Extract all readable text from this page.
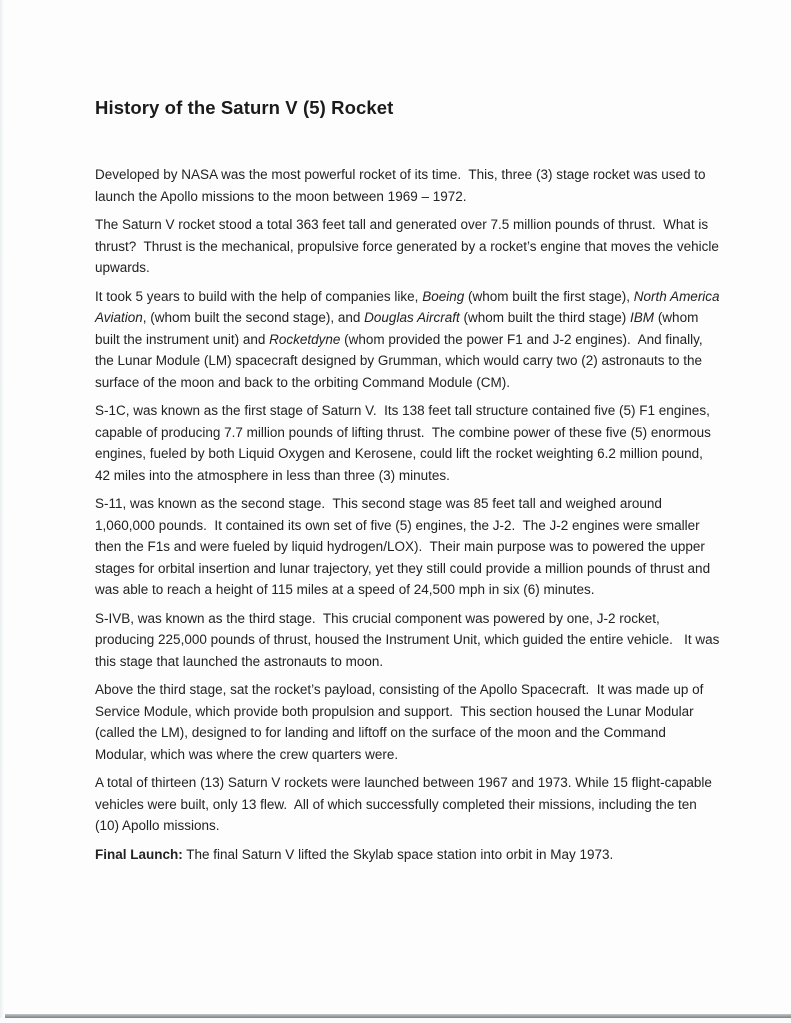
History of the Saturn V (5) Rocket

Developed by NASA was the most powerful rocket of its time.  This, three (3) stage rocket was used to launch the Apollo missions to the moon between 1969 – 1972.

The Saturn V rocket stood a total 363 feet tall and generated over 7.5 million pounds of thrust.  What is thrust?  Thrust is the mechanical, propulsive force generated by a rocket’s engine that moves the vehicle upwards.

It took 5 years to build with the help of companies like, Boeing (whom built the first stage), North America Aviation, (whom built the second stage), and Douglas Aircraft (whom built the third stage) IBM (whom built the instrument unit) and Rocketdyne (whom provided the power F1 and J-2 engines).  And finally, the Lunar Module (LM) spacecraft designed by Grumman, which would carry two (2) astronauts to the surface of the moon and back to the orbiting Command Module (CM).

S-1C, was known as the first stage of Saturn V.  Its 138 feet tall structure contained five (5) F1 engines, capable of producing 7.7 million pounds of lifting thrust.  The combine power of these five (5) enormous engines, fueled by both Liquid Oxygen and Kerosene, could lift the rocket weighting 6.2 million pound, 42 miles into the atmosphere in less than three (3) minutes.

S-11, was known as the second stage.  This second stage was 85 feet tall and weighed around 1,060,000 pounds.  It contained its own set of five (5) engines, the J-2.  The J-2 engines were smaller then the F1s and were fueled by liquid hydrogen/LOX).  Their main purpose was to powered the upper stages for orbital insertion and lunar trajectory, yet they still could provide a million pounds of thrust and was able to reach a height of 115 miles at a speed of 24,500 mph in six (6) minutes.

S-IVB, was known as the third stage.  This crucial component was powered by one, J-2 rocket, producing 225,000 pounds of thrust, housed the Instrument Unit, which guided the entire vehicle.   It was this stage that launched the astronauts to moon.

Above the third stage, sat the rocket’s payload, consisting of the Apollo Spacecraft.  It was made up of Service Module, which provide both propulsion and support.  This section housed the Lunar Modular (called the LM), designed to for landing and liftoff on the surface of the moon and the Command Modular, which was where the crew quarters were.

A total of thirteen (13) Saturn V rockets were launched between 1967 and 1973. While 15 flight-capable vehicles were built, only 13 flew.  All of which successfully completed their missions, including the ten (10) Apollo missions.

Final Launch: The final Saturn V lifted the Skylab space station into orbit in May 1973.
